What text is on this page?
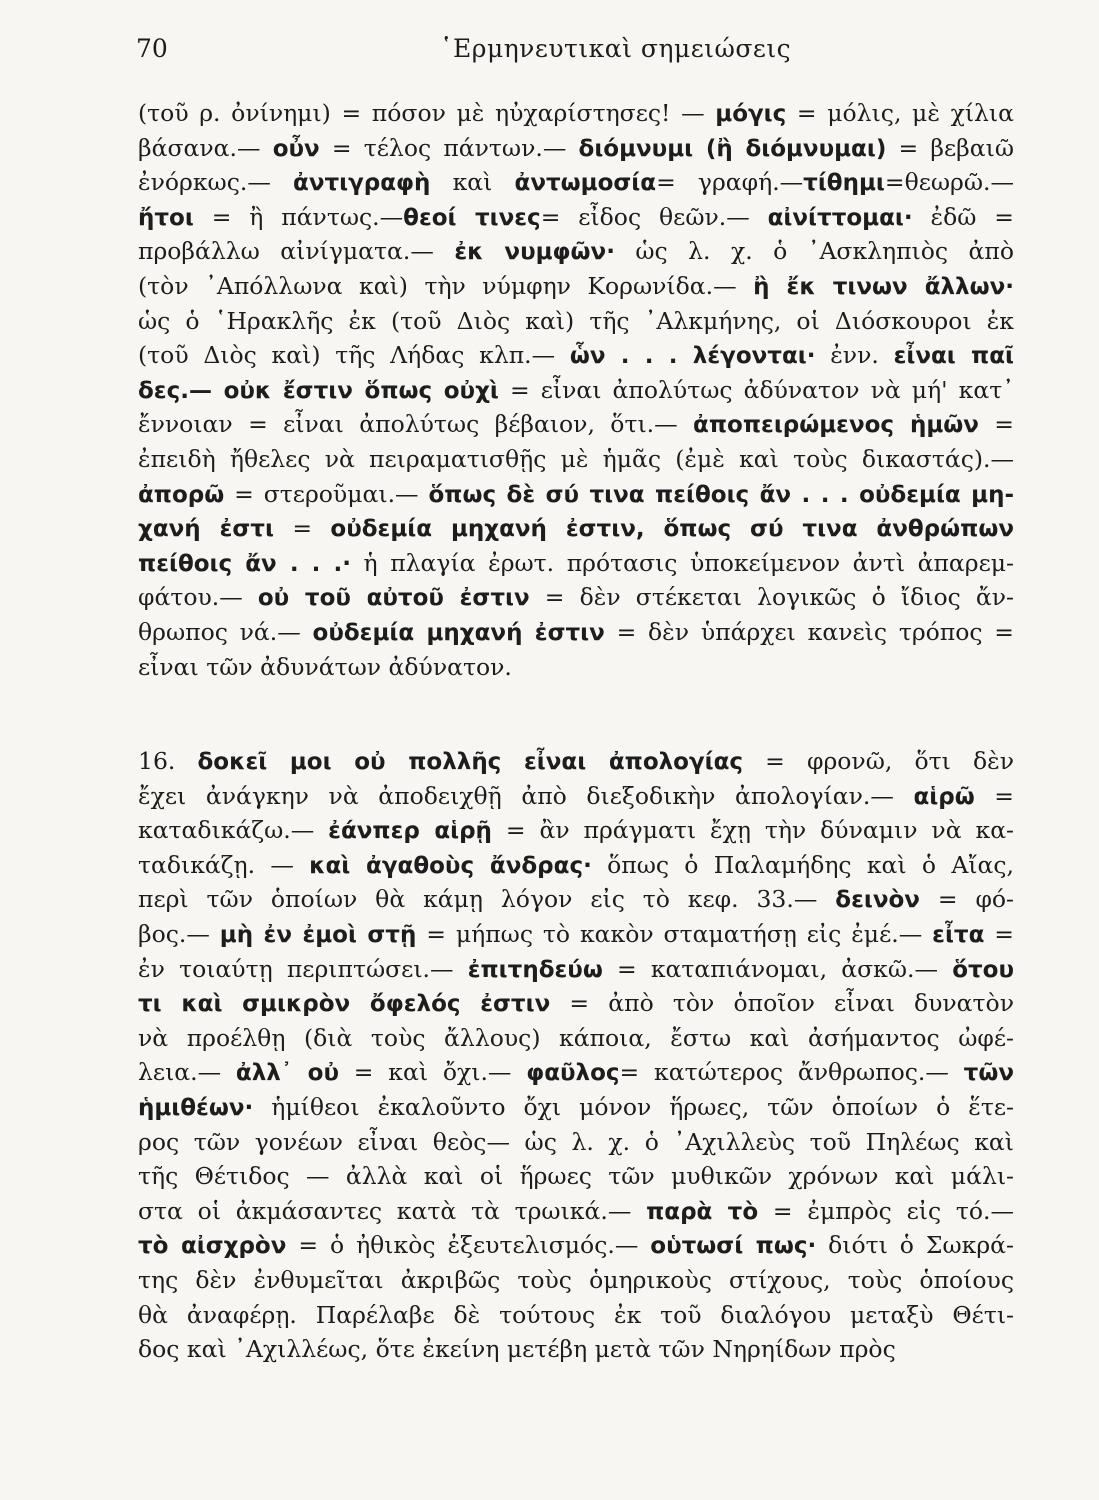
70	῾Ερμηνευτικαὶ σημειώσεις
(τοῦ ρ. ὀνίνημι) = πόσον μὲ ηὐχαρίστησες! — μόγις = μόλις, μὲ χίλια
βάσανα.— οὖν = τέλος πάντων.— διόμνυμι (ἢ διόμνυμαι) = βεβαιῶ
ἐνόρκως.— ἀντιγραφὴ καὶ ἀντωμοσία= γραφή.—τίθημι=θεωρῶ.—
ἤτοι = ἢ πάντως.—θεοί τινες= εἶδος θεῶν.— αἰνίττομαι· ἐδῶ =
προβάλλω αἰνίγματα.— ἐκ νυμφῶν· ὡς λ. χ. ὁ ᾿Ασκληπιὸς ἀπὸ
(τὸν ᾿Απόλλωνα καὶ) τὴν νύμφην Κορωνίδα.— ἢ ἔκ τινων ἄλλων·
ὡς ὁ ῾Ηρακλῆς ἐκ (τοῦ Διὸς καὶ) τῆς ᾿Αλκμήνης, οἱ Διόσκουροι ἐκ
(τοῦ Διὸς καὶ) τῆς Λήδας κλπ.— ὧν . . . λέγονται· ἐνν. εἶναι παῖ
δες.— οὐκ ἔστιν ὅπως οὐχὶ = εἶναι ἀπολύτως ἀδύνατον νὰ μή' κατ᾿
ἔννοιαν = εἶναι ἀπολύτως βέβαιον, ὅτι.— ἀποπειρώμενος ἡμῶν =
ἐπειδὴ ἤθελες νὰ πειραματισθῇς μὲ ἡμᾶς (ἐμὲ καὶ τοὺς δικαστάς).—
ἀπορῶ = στεροῦμαι.— ὅπως δὲ σύ τινα πείθοις ἄν . . . οὐδεμία μη-
χανή ἐστι = οὐδεμία μηχανή ἐστιν, ὅπως σύ τινα ἀνθρώπων
πείθοις ἄν . . .· ἡ πλαγία ἐρωτ. πρότασις ὑποκείμενον ἀντὶ ἀπαρεμ-
φάτου.— οὐ τοῦ αὐτοῦ ἐστιν = δὲν στέκεται λογικῶς ὁ ἴδιος ἄν-
θρωπος νά.— οὐδεμία μηχανή ἐστιν = δὲν ὑπάρχει κανεὶς τρόπος =
εἶναι τῶν ἀδυνάτων ἀδύνατον.
16. δοκεῖ μοι οὐ πολλῆς εἶναι ἀπολογίας = φρονῶ, ὅτι δὲν
ἔχει ἀνάγκην νὰ ἀποδειχθῇ ἀπὸ διεξοδικὴν ἀπολογίαν.— αἱρῶ =
καταδικάζω.— ἐάνπερ αἱρῇ = ἂν πράγματι ἔχῃ τὴν δύναμιν νὰ κα-
ταδικάζῃ. — καὶ ἀγαθοὺς ἄνδρας· ὅπως ὁ Παλαμήδης καὶ ὁ Αἴας,
περὶ τῶν ὁποίων θὰ κάμῃ λόγον εἰς τὸ κεφ. 33.— δεινὸν = φό-
βος.— μὴ ἐν ἐμοὶ στῇ = μήπως τὸ κακὸν σταματήσῃ εἰς ἐμέ.— εἶτα =
ἐν τοιαύτῃ περιπτώσει.— ἐπιτηδεύω = καταπιάνομαι, ἀσκῶ.— ὅτου
τι καὶ σμικρὸν ὄφελός ἐστιν = ἀπὸ τὸν ὁποῖον εἶναι δυνατὸν
νὰ προέλθῃ (διὰ τοὺς ἄλλους) κάποια, ἔστω καὶ ἀσήμαντος ὠφέ-
λεια.— ἀλλ᾿ οὐ = καὶ ὄχι.— φαῦλος= κατώτερος ἄνθρωπος.— τῶν
ἡμιθέων· ἡμίθεοι ἐκαλοῦντο ὄχι μόνον ἥρωες, τῶν ὁποίων ὁ ἕτε-
ρος τῶν γονέων εἶναι θεὸς— ὡς λ. χ. ὁ ᾿Αχιλλεὺς τοῦ Πηλέως καὶ
τῆς Θέτιδος — ἀλλὰ καὶ οἱ ἥρωες τῶν μυθικῶν χρόνων καὶ μάλι-
στα οἱ ἀκμάσαντες κατὰ τὰ τρωικά.— παρὰ τὸ = ἐμπρὸς εἰς τό.—
τὸ αἰσχρὸν = ὁ ἠθικὸς ἐξευτελισμός.— οὑτωσί πως· διότι ὁ Σωκρά-
της δὲν ἐνθυμεῖται ἀκριβῶς τοὺς ὁμηρικοὺς στίχους, τοὺς ὁποίους
θὰ ἀναφέρῃ. Παρέλαβε δὲ τούτους ἐκ τοῦ διαλόγου μεταξὺ Θέτι-
δος καὶ ᾿Αχιλλέως, ὅτε ἐκείνη μετέβη μετὰ τῶν Νηρηίδων πρὸς
